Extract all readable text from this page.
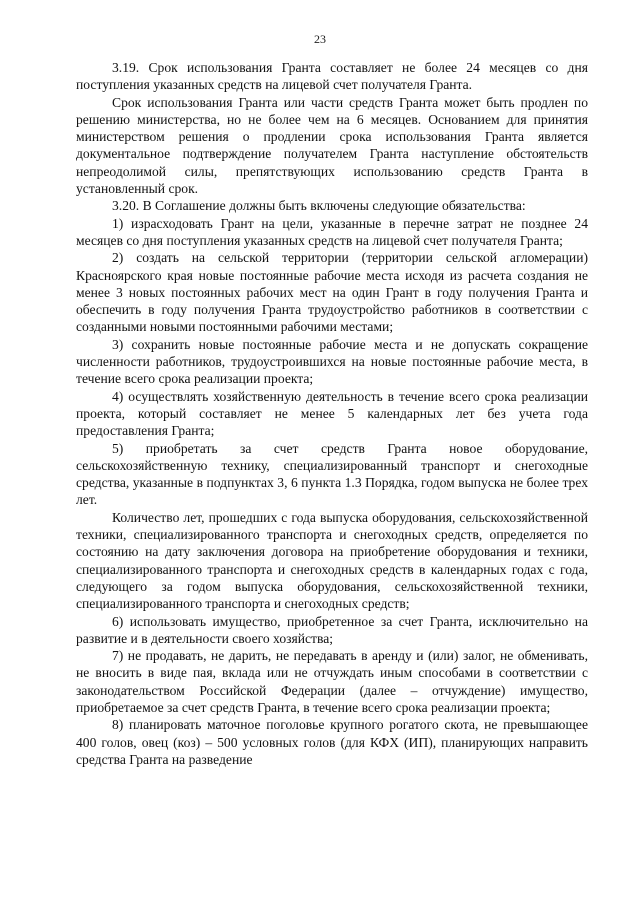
23

3.19. Срок использования Гранта составляет не более 24 месяцев со дня поступления указанных средств на лицевой счет получателя Гранта.

Срок использования Гранта или части средств Гранта может быть продлен по решению министерства, но не более чем на 6 месяцев. Основанием для принятия министерством решения о продлении срока использования Гранта является документальное подтверждение получателем Гранта наступление обстоятельств непреодолимой силы, препятствующих использованию средств Гранта в установленный срок.

3.20. В Соглашение должны быть включены следующие обязательства:

1) израсходовать Грант на цели, указанные в перечне затрат не позднее 24 месяцев со дня поступления указанных средств на лицевой счет получателя Гранта;

2) создать на сельской территории (территории сельской агломерации) Красноярского края новые постоянные рабочие места исходя из расчета создания не менее 3 новых постоянных рабочих мест на один Грант в году получения Гранта и обеспечить в году получения Гранта трудоустройство работников в соответствии с созданными новыми постоянными рабочими местами;

3) сохранить новые постоянные рабочие места и не допускать сокращение численности работников, трудоустроившихся на новые постоянные рабочие места, в течение всего срока реализации проекта;

4) осуществлять хозяйственную деятельность в течение всего срока реализации проекта, который составляет не менее 5 календарных лет без учета года предоставления Гранта;

5) приобретать за счет средств Гранта новое оборудование, сельскохозяйственную технику, специализированный транспорт и снегоходные средства, указанные в подпунктах 3, 6 пункта 1.3 Порядка, годом выпуска не более трех лет.

Количество лет, прошедших с года выпуска оборудования, сельскохозяйственной техники, специализированного транспорта и снегоходных средств, определяется по состоянию на дату заключения договора на приобретение оборудования и техники, специализированного транспорта и снегоходных средств в календарных годах с года, следующего за годом выпуска оборудования, сельскохозяйственной техники, специализированного транспорта и снегоходных средств;

6) использовать имущество, приобретенное за счет Гранта, исключительно на развитие и в деятельности своего хозяйства;

7) не продавать, не дарить, не передавать в аренду и (или) залог, не обменивать, не вносить в виде пая, вклада или не отчуждать иным способами в соответствии с законодательством Российской Федерации (далее – отчуждение) имущество, приобретаемое за счет средств Гранта, в течение всего срока реализации проекта;

8) планировать маточное поголовье крупного рогатого скота, не превышающее 400 голов, овец (коз) – 500 условных голов (для КФХ (ИП), планирующих направить средства Гранта на разведение
